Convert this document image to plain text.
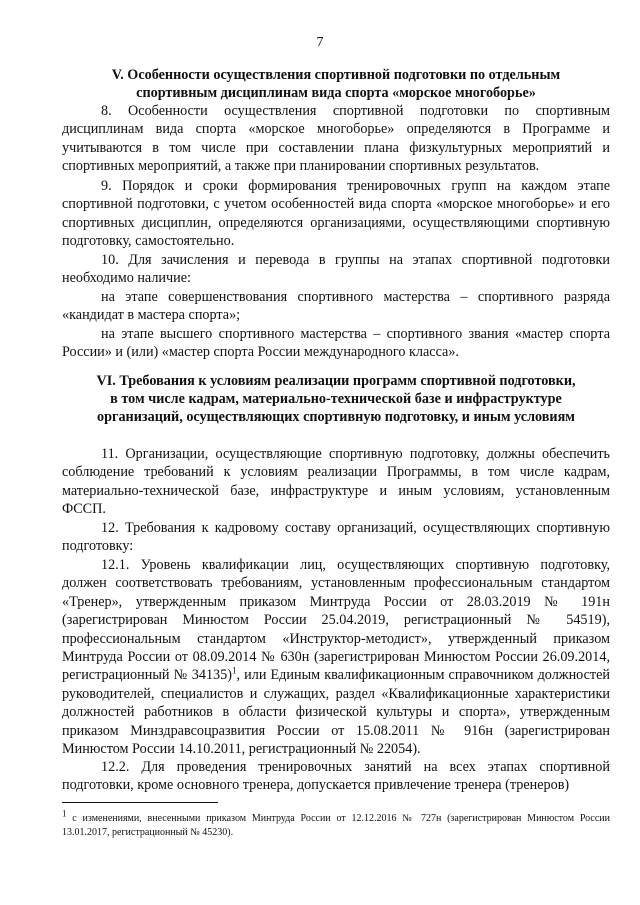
7
V. Особенности осуществления спортивной подготовки по отдельным
спортивным дисциплинам вида спорта «морское многоборье»

8. Особенности осуществления спортивной подготовки по спортивным дисциплинам вида спорта «морское многоборье» определяются в Программе и учитываются в том числе при составлении плана физкультурных мероприятий и спортивных мероприятий, а также при планировании спортивных результатов.

9. Порядок и сроки формирования тренировочных групп на каждом этапе спортивной подготовки, с учетом особенностей вида спорта «морское многоборье» и его спортивных дисциплин, определяются организациями, осуществляющими спортивную подготовку, самостоятельно.

10. Для зачисления и перевода в группы на этапах спортивной подготовки необходимо наличие:

на этапе совершенствования спортивного мастерства – спортивного разряда «кандидат в мастера спорта»;

на этапе высшего спортивного мастерства – спортивного звания «мастер спорта России» и (или) «мастер спорта России международного класса».

VI. Требования к условиям реализации программ спортивной подготовки,
в том числе кадрам, материально-технической базе и инфраструктуре
организаций, осуществляющих спортивную подготовку, и иным условиям

11. Организации, осуществляющие спортивную подготовку, должны обеспечить соблюдение требований к условиям реализации Программы, в том числе кадрам, материально-технической базе, инфраструктуре и иным условиям, установленным ФССП.

12. Требования к кадровому составу организаций, осуществляющих спортивную подготовку:

12.1. Уровень квалификации лиц, осуществляющих спортивную подготовку, должен соответствовать требованиям, установленным профессиональным стандартом «Тренер», утвержденным приказом Минтруда России от 28.03.2019 № 191н (зарегистрирован Минюстом России 25.04.2019, регистрационный № 54519), профессиональным стандартом «Инструктор-методист», утвержденный приказом Минтруда России от 08.09.2014 № 630н (зарегистрирован Минюстом России 26.09.2014, регистрационный № 34135)$^1$, или Единым квалификационным справочником должностей руководителей, специалистов и служащих, раздел «Квалификационные характеристики должностей работников в области физической культуры и спорта», утвержденным приказом Минздравсоцразвития России от 15.08.2011 № 916н (зарегистрирован Минюстом России 14.10.2011, регистрационный № 22054).

12.2. Для проведения тренировочных занятий на всех этапах спортивной подготовки, кроме основного тренера, допускается привлечение тренера (тренеров)

$^1$ с изменениями, внесенными приказом Минтруда России от 12.12.2016 № 727н (зарегистрирован Минюстом России 13.01.2017, регистрационный № 45230).
